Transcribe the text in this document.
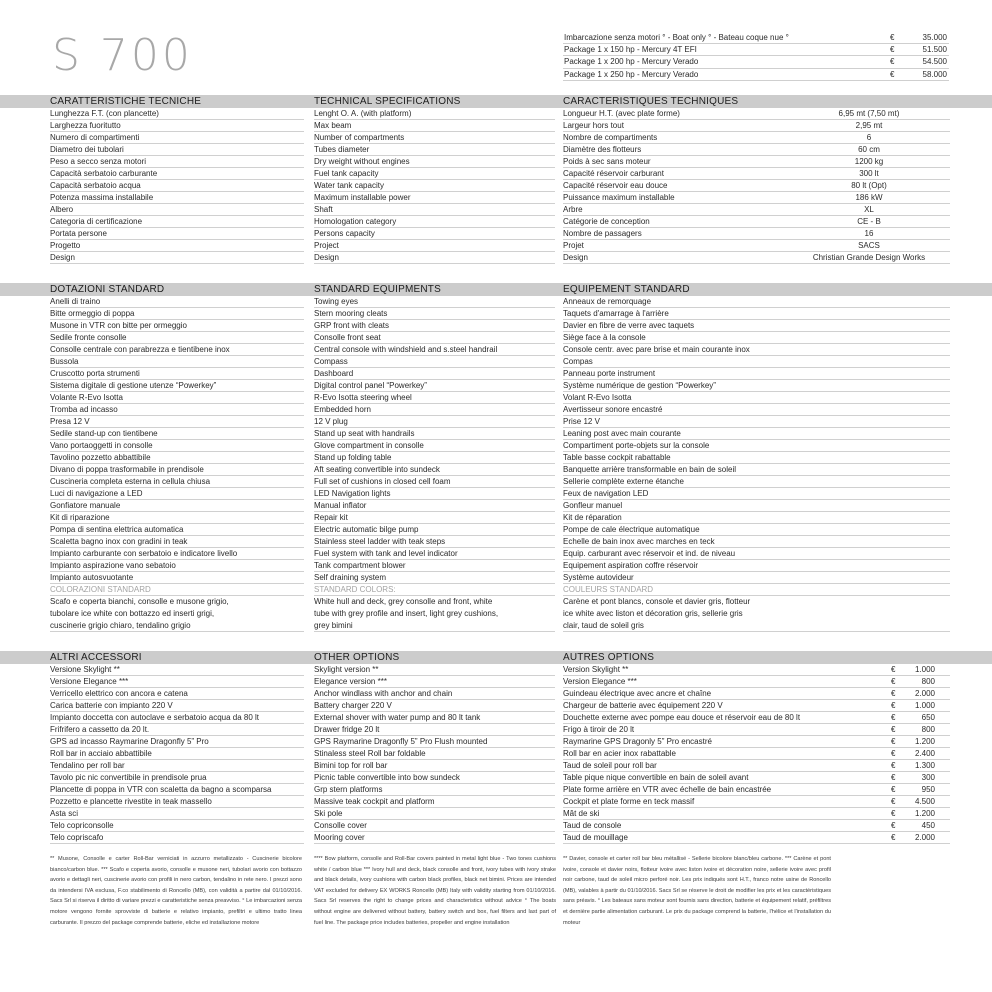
S 700	Imbarcazione senza motori ° - Boat only ° - Bateau coque nue °	€	35.000
Package 1 x 150 hp - Mercury 4T EFI	€	51.500
Package 1 x 200 hp - Mercury Verado	€	54.500
Package 1 x 250 hp - Mercury Verado	€	58.000
CARATTERISTICHE TECNICHE	TECHNICAL SPECIFICATIONS	CARACTERISTIQUES TECHNIQUES
Lunghezza F.T. (con plancette)	Lenght O. A. (with platform)	Longueur H.T. (avec plate forme)	6,95 mt (7,50 mt)
Larghezza fuoritutto	Max beam	Largeur hors tout	2,95 mt
Numero di compartimenti	Number of compartments	Nombre de compartiments	6
Diametro dei tubolari	Tubes diameter	Diamètre des flotteurs	60 cm
Peso a secco senza motori	Dry weight without engines	Poids à sec sans moteur	1200 kg
Capacità serbatoio carburante	Fuel tank capacity	Capacité réservoir carburant	300 lt
Capacità serbatoio acqua	Water tank capacity	Capacité réservoir eau douce	80 lt (Opt)
Potenza massima installabile	Maximum installable power	Puissance maximum installable	186 kW
Albero	Shaft	Arbre	XL
Categoria di certificazione	Homologation category	Catégorie de conception	CE - B
Portata persone	Persons capacity	Nombre de passagers	16
Progetto	Project	Projet	SACS
Design	Design	Design	Christian Grande Design Works
DOTAZIONI STANDARD	STANDARD EQUIPMENTS	EQUIPEMENT STANDARD
Anelli di traino	Towing eyes	Anneaux de remorquage
Bitte ormeggio di poppa	Stern mooring cleats	Taquets d'amarrage à l'arrière
Musone in VTR con bitte per ormeggio	GRP front with cleats	Davier en fibre de verre avec taquets
Sedile fronte consolle	Consolle front seat	Siège face à la console
Consolle centrale con parabrezza e tientibene inox	Central console with windshield and s.steel handrail	Console centr. avec pare brise et main courante inox
Bussola	Compass	Compas
Cruscotto porta strumenti	Dashboard	Panneau porte instrument
Sistema digitale di gestione utenze “Powerkey”	Digital control panel “Powerkey”	Système numérique de gestion “Powerkey”
Volante R-Evo Isotta	R-Evo Isotta steering wheel	Volant R-Evo Isotta
Tromba ad incasso	Embedded horn	Avertisseur sonore encastré
Presa 12 V	12 V plug	Prise 12 V
Sedile stand-up con tientibene	Stand up seat with handrails	Leaning post avec main courante
Vano portaoggetti in consolle	Glove compartment in consolle	Compartiment porte-objets sur la console
Tavolino pozzetto abbattibile	Stand up folding table	Table basse cockpit rabattable
Divano di poppa trasformabile in prendisole	Aft seating convertible into sundeck	Banquette arrière transformable en bain de soleil
Cuscineria completa esterna in cellula chiusa	Full set of cushions in closed cell foam	Sellerie complète externe étanche
Luci di navigazione a LED	LED Navigation lights	Feux de navigation LED
Gonfiatore manuale	Manual inflator	Gonfleur manuel
Kit di riparazione	Repair kit	Kit de réparation
Pompa di sentina elettrica automatica	Electric automatic bilge pump	Pompe de cale électrique automatique
Scaletta bagno inox con gradini in teak	Stainless steel ladder with teak steps	Echelle de bain inox avec marches en teck
Impianto carburante con serbatoio e indicatore livello	Fuel system with tank and level indicator	Equip. carburant avec réservoir et ind. de niveau
Impianto aspirazione vano sebatoio	Tank compartment blower	Equipement aspiration coffre réservoir
Impianto autosvuotante	Self draining system	Système autovideur
COLORAZIONI STANDARD	STANDARD COLORS:	COULEURS STANDARD
Scafo e coperta bianchi, consolle e musone grigio,	White hull and deck, grey consolle and front, white	Carène et pont blancs, console et davier gris, flotteur
tubolare ice white con bottazzo ed inserti grigi,	tube with grey profile and insert, light grey cushions,	ice white avec liston et décoration gris, sellerie gris
cuscinerie grigio chiaro, tendalino grigio	grey bimini	clair, taud de soleil gris
ALTRI ACCESSORI	OTHER OPTIONS	AUTRES OPTIONS
Versione Skylight **	Skylight version **	Version Skylight **	€ 1.000
Versione Elegance ***	Elegance version ***	Version Elegance ***	€	800
Verricello elettrico con ancora e catena	Anchor windlass with anchor and chain	Guindeau électrique avec ancre et chaîne	€ 2.000
Carica batterie con impianto 220 V	Battery charger 220 V	Chargeur de batterie avec équipement 220 V	€ 1.000
Impianto doccetta con autoclave e serbatoio acqua da 80 lt	External shover with water pump and 80 lt tank	Douchette externe avec pompe eau douce et réservoir eau de 80 lt	€	650
Frifrifero a cassetto da 20 lt.	Drawer fridge 20 lt	Frigo à tiroir de 20 lt	€	800
GPS ad incasso Raymarine Dragonfly 5” Pro	GPS Raymarine Dragonfly 5” Pro Flush mounted	Raymarine GPS Dragonly 5” Pro encastré	€ 1.200
Roll bar in acciaio abbattibile	Stinaless steel Roll bar foldable	Roll bar en acier inox rabattable	€ 2.400
Tendalino per roll bar	Bimini top for roll bar	Taud de soleil pour roll bar	€ 1.300
Tavolo pic nic convertibile in prendisole prua	Picnic table convertible into bow sundeck	Table pique nique convertible en bain de soleil avant	€	300
Plancette di poppa in VTR con scaletta da bagno a scomparsa	Grp stern platforms	Plate forme arrière en VTR avec échelle de bain encastrée	€	950
Pozzetto e plancette rivestite in teak massello	Massive teak cockpit and platform	Cockpit et plate forme en teck massif	€ 4.500
Asta sci	Ski pole	Mât de ski	€ 1.200
Telo copriconsolle	Consolle cover	Taud de console	€	450
Telo copriscafo	Mooring cover	Taud de mouillage	€ 2.000
** Musone, Consolle e carter Roll-Bar verniciati in azzurro metallizzato - Cuscinerie bicolore bianco/carbon blue. *** Scafo e coperta avorio, consolle e musone neri, tubolari avorio con bottazzo avorio e dettagli neri, cuscinerie avorio con profili in nero carbon, tendalino in rete nero. I prezzi sono da intendersi IVA esclusa, F.co stabilimento di Roncello (MB), con validità a partire dal 01/10/2016. Sacs Srl si riserva il diritto di variare prezzi e caratteristiche senza preavviso. ° Le imbarcazioni senza motore vengono fornite sprovviste di batterie e relativo impianto, prefiltri e ultimo tratto linea carburante. Il prezzo del package comprende batterie, eliche ed installazione motore
**** Bow platform, consolle and Roll-Bar covers painted in metal light blue - Two tones cushions white / carbon blue *** Ivory hull and deck, black consolle and front, ivory tubes with ivory strake and black details, ivory cushions with carbon black profiles, black net bimini. Prices are intended VAT excluded for delivery EX WORKS Roncello (MB) Italy with validity starting from 01/10/2016. Sacs Srl reserves the right to change prices and characteristics without advice ° The boats without engine are delivered without battery, battery switch and box, fuel filters and last part of fuel line. The package price includes batteries, propeller and engine installation
** Davier, console et carter roll bar bleu métallisé - Sellerie bicolore blanc/bleu carbone. *** Carène et pont ivoire, console et davier noirs, flotteur ivoire avec liston ivoire et décoration noire, sellerie ivoire avec profil noir carbone, taud de soleil micro perforé noir. Les prix indiqués sont H.T., franco notre usine de Roncello (MB), valables à partir du 01/10/2016. Sacs Srl se réserve le droit de modifier les prix et les caractéristiques sans préavis. ° Les bateaux sans moteur sont fournis sans direction, batterie et équipement relatif, préfiltres et dernière partie alimentation carburant. Le prix du package comprend la batterie, l'hélice et l'installation du moteur
